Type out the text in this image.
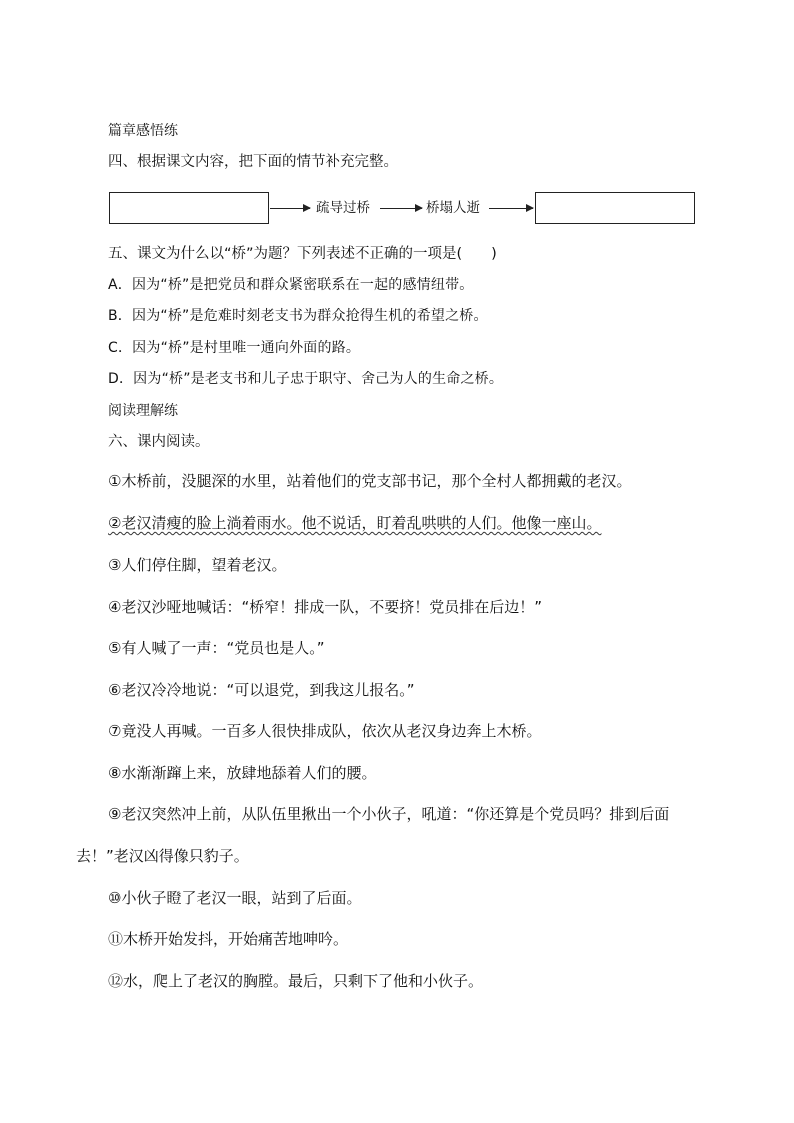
篇章感悟练
四、根据课文内容，把下面的情节补充完整。
疏导过桥	桥塌人逝
五、课文为什么以“桥”为题？下列表述不正确的一项是(　　)
A．因为“桥”是把党员和群众紧密联系在一起的感情纽带。
B．因为“桥”是危难时刻老支书为群众抢得生机的希望之桥。
C．因为“桥”是村里唯一通向外面的路。
D．因为“桥”是老支书和儿子忠于职守、舍己为人的生命之桥。
阅读理解练
六、课内阅读。
①木桥前，没腿深的水里，站着他们的党支部书记，那个全村人都拥戴的老汉。
②老汉清瘦的脸上淌着雨水。他不说话，盯着乱哄哄的人们。他像一座山。
③人们停住脚，望着老汉。
④老汉沙哑地喊话：“桥窄！排成一队，不要挤！党员排在后边！”
⑤有人喊了一声：“党员也是人。”
⑥老汉冷冷地说：“可以退党，到我这儿报名。”
⑦竟没人再喊。一百多人很快排成队，依次从老汉身边奔上木桥。
⑧水渐渐蹿上来，放肆地舔着人们的腰。
⑨老汉突然冲上前，从队伍里揪出一个小伙子，吼道：“你还算是个党员吗？排到后面
去！”老汉凶得像只豹子。
⑩小伙子瞪了老汉一眼，站到了后面。
⑪木桥开始发抖，开始痛苦地呻吟。
⑫水，爬上了老汉的胸膛。最后，只剩下了他和小伙子。
